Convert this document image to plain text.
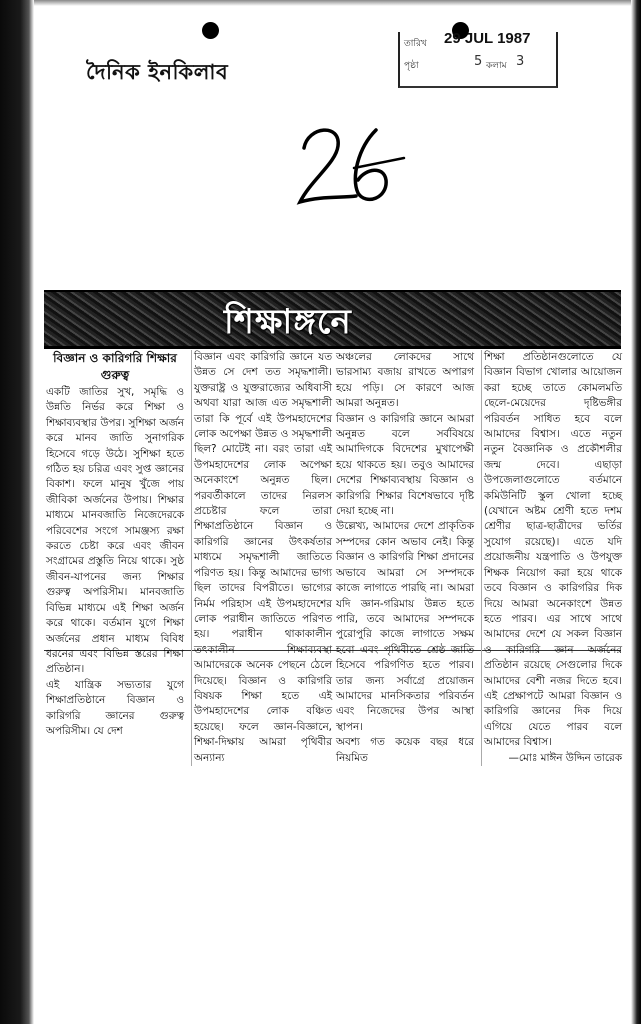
দৈনিক ইনকিলাব
তারিখ 29 JUL 1987
পৃষ্ঠা	5 কলাম 3
শিক্ষাঙ্গনে
বিজ্ঞান ও কারিগরি শিক্ষার গুরুত্ব

একটি জাতির সুখ, সমৃদ্ধি ও উন্নতি নির্ভর করে শিক্ষা ও শিক্ষাব্যবস্থার উপর। সুশিক্ষা অর্জন করে মানব জাতি সুনাগরিক হিসেবে গড়ে উঠে। সুশিক্ষা হতে গঠিত হয় চরিত্র এবং সুপ্ত জ্ঞানের বিকাশ। ফলে মানুষ খুঁজে পায় জীবিকা অর্জনের উপায়। শিক্ষার মাধ্যমে মানবজাতি নিজেদেরকে পরিবেশের সংগে সামঞ্জস্য রক্ষা করতে চেষ্টা করে এবং জীবন সংগ্রামের প্রস্তুতি নিয়ে থাকে। সুষ্ঠ জীবন-যাপনের জন্য শিক্ষার গুরুত্ব অপরিসীম। মানবজাতি বিভিন্ন মাধ্যমে এই শিক্ষা অর্জন করে থাকে। বর্তমান যুগে শিক্ষা অর্জনের প্রধান মাধ্যম বিবিধ ধরনের এবং বিভিন্ন স্তরের শিক্ষা প্রতিষ্ঠান।

এই যান্ত্রিক সভ্যতার যুগে শিক্ষাপ্রতিষ্ঠানে বিজ্ঞান ও কারিগরি জ্ঞানের গুরুত্ব অপরিসীম। যে দেশ

বিজ্ঞান এবং কারিগরি জ্ঞানে যত উন্নত সে দেশ তত সমৃদ্ধশালী। যুক্তরাষ্ট্র ও যুক্তরাজ্যের অধিবাসী অথবা যারা আজ এত সমৃদ্ধশালী তারা কি পূর্বে এই উপমহাদেশের লোক অপেক্ষা উন্নত ও সমৃদ্ধশালী ছিল? মোটেই না। বরং তারা এই উপমহাদেশের লোক অপেক্ষা অনেকাংশে অনুন্নত ছিল। পরবর্তীকালে তাদের নিরলস প্রচেষ্টার ফলে তারা শিক্ষাপ্রতিষ্ঠানে বিজ্ঞান ও কারিগরি জ্ঞানের উৎকর্ষতার মাধ্যমে সমৃদ্ধশালী জাতিতে পরিণত হয়। কিন্তু আমাদের ভাগ্য ছিল তাদের বিপরীতে। ভাগ্যের নির্মম পরিহাস এই উপমহাদেশের লোক পরাধীন জাতিতে পরিণত হয়। পরাধীন থাকাকালীন তৎকালীন শিক্ষাব্যবস্থা আমাদেরকে অনেক পেছনে ঠেলে দিয়েছে। বিজ্ঞান ও কারিগরি বিষয়ক শিক্ষা হতে এই উপমহাদেশের লোক বঞ্চিত হয়েছে। ফলে জ্ঞান-বিজ্ঞানে, শিক্ষা-দিক্ষায় আমরা পৃথিবীর অন্যান্য

অঞ্চলের লোকদের সাথে ভারসাম্য বজায় রাখতে অপারগ হয়ে পড়ি। সে কারণে আজ আমরা অনুন্নত।

বিজ্ঞান ও কারিগরি জ্ঞানে আমরা অনুন্নত বলে সর্ববিষয়ে আমাদিগকে বিদেশের মুখাপেক্ষী হয়ে থাকতে হয়। তবুও আমাদের দেশের শিক্ষাব্যবস্থায় বিজ্ঞান ও কারিগরি শিক্ষার বিশেষভাবে দৃষ্টি দেয়া হচ্ছে না।

উল্লেখ্য, আমাদের দেশে প্রাকৃতিক সম্পদের কোন অভাব নেই। কিন্তু বিজ্ঞান ও কারিগরি শিক্ষা প্রদানের অভাবে আমরা সে সম্পদকে কাজে লাগাতে পারছি না। আমরা যদি জ্ঞান-গরিমায় উন্নত হতে পারি, তবে আমাদের সম্পদকে পুরোপুরি কাজে লাগাতে সক্ষম হবো এবং পৃথিবীতে শ্রেষ্ঠ জাতি হিসেবে পরিগণিত হতে পারব। তার জন্য সর্বাগ্রে প্রয়োজন আমাদের মানসিকতার পরিবর্তন এবং নিজেদের উপর আস্থা স্থাপন।

অবশ্য গত কয়েক বছর ধরে নিয়মিত

শিক্ষা প্রতিষ্ঠানগুলোতে যে বিজ্ঞান বিভাগ খোলার আয়োজন করা হচ্ছে তাতে কোমলমতি ছেলে-মেয়েদের দৃষ্টিভঙ্গীর পরিবর্তন সাধিত হবে বলে আমাদের বিশ্বাস। এতে নতুন নতুন বৈজ্ঞানিক ও প্রকৌশলীর জন্ম দেবে। এছাড়া উপজেলাগুলোতে বর্তমানে কমিউনিটি স্কুল খোলা হচ্ছে (যেখানে অষ্টম শ্রেণী হতে দশম শ্রেণীর ছাত্র-ছাত্রীদের ভর্তির সুযোগ রয়েছে)। এতে যদি প্রয়োজনীয় যন্ত্রপাতি ও উপযুক্ত শিক্ষক নিয়োগ করা হয়ে থাকে তবে বিজ্ঞান ও কারিগরির দিক দিয়ে আমরা অনেকাংশে উন্নত হতে পারব। এর সাথে সাথে আমাদের দেশে যে সকল বিজ্ঞান ও কারিগরি জ্ঞান অর্জনের প্রতিষ্ঠান রয়েছে সেগুলোর দিকে আমাদের বেশী নজর দিতে হবে। এই প্রেক্ষাপটে আমরা বিজ্ঞান ও কারিগরি জ্ঞানের দিক দিয়ে এগিয়ে যেতে পারব বলে আমাদের বিশ্বাস।

—মোঃ মাঈন উদ্দিন তারেক
